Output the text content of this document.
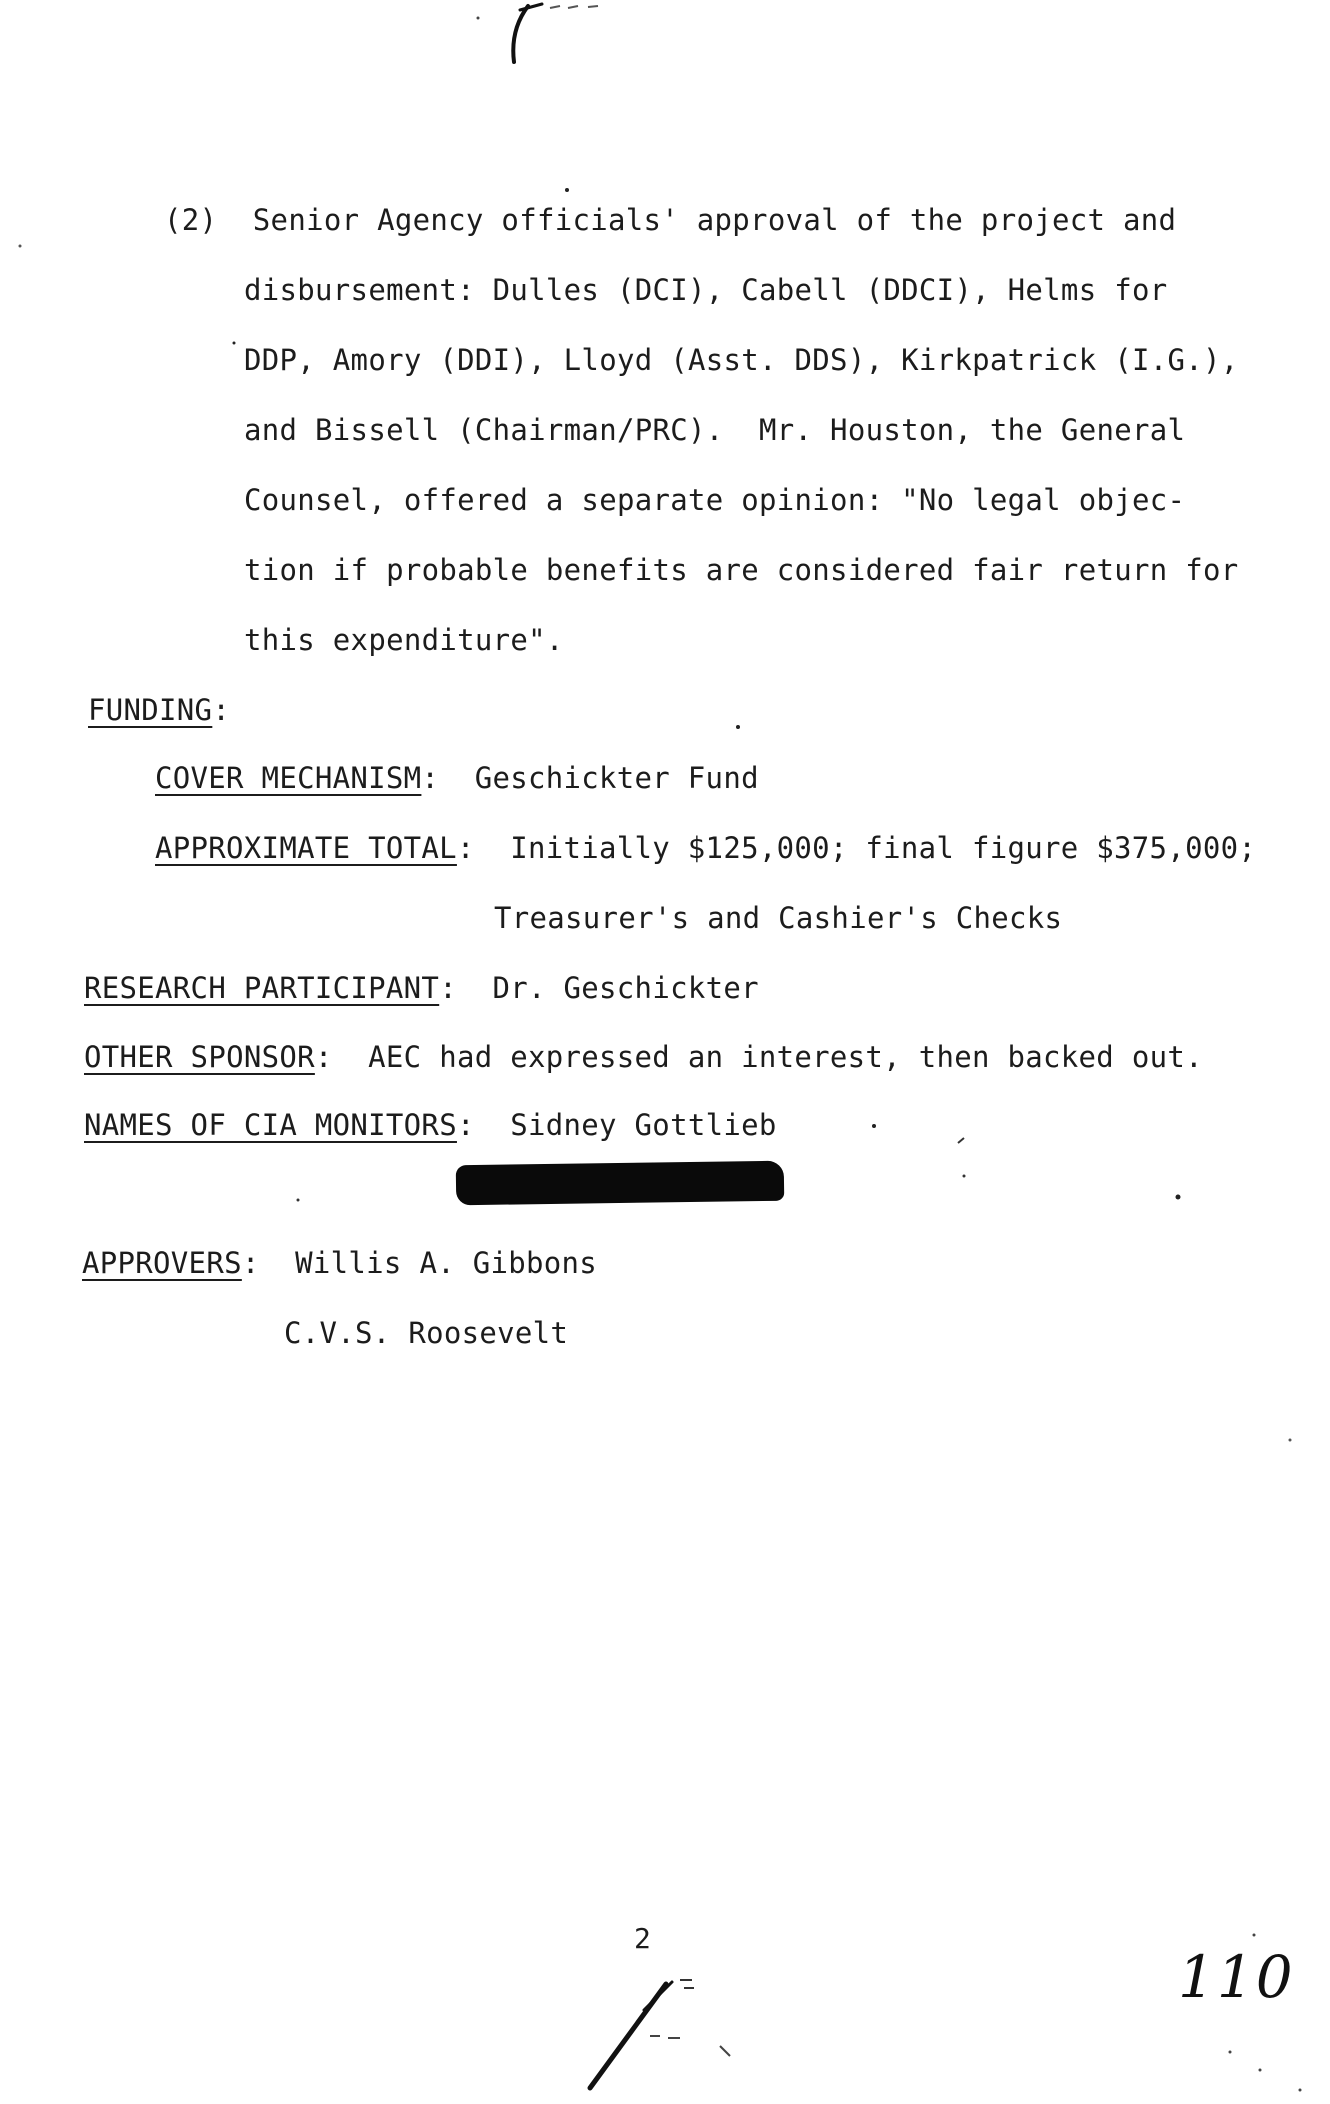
(2)  Senior Agency officials' approval of the project and
disbursement: Dulles (DCI), Cabell (DDCI), Helms for
DDP, Amory (DDI), Lloyd (Asst. DDS), Kirkpatrick (I.G.),
and Bissell (Chairman/PRC).  Mr. Houston, the General
Counsel, offered a separate opinion: "No legal objec-
tion if probable benefits are considered fair return for
this expenditure".
FUNDING:
COVER MECHANISM:  Geschickter Fund
APPROXIMATE TOTAL:  Initially $125,000; final figure $375,000;
Treasurer's and Cashier's Checks
RESEARCH PARTICIPANT:  Dr. Geschickter
OTHER SPONSOR:  AEC had expressed an interest, then backed out.
NAMES OF CIA MONITORS:  Sidney Gottlieb
APPROVERS:  Willis A. Gibbons
C.V.S. Roosevelt
2
110
